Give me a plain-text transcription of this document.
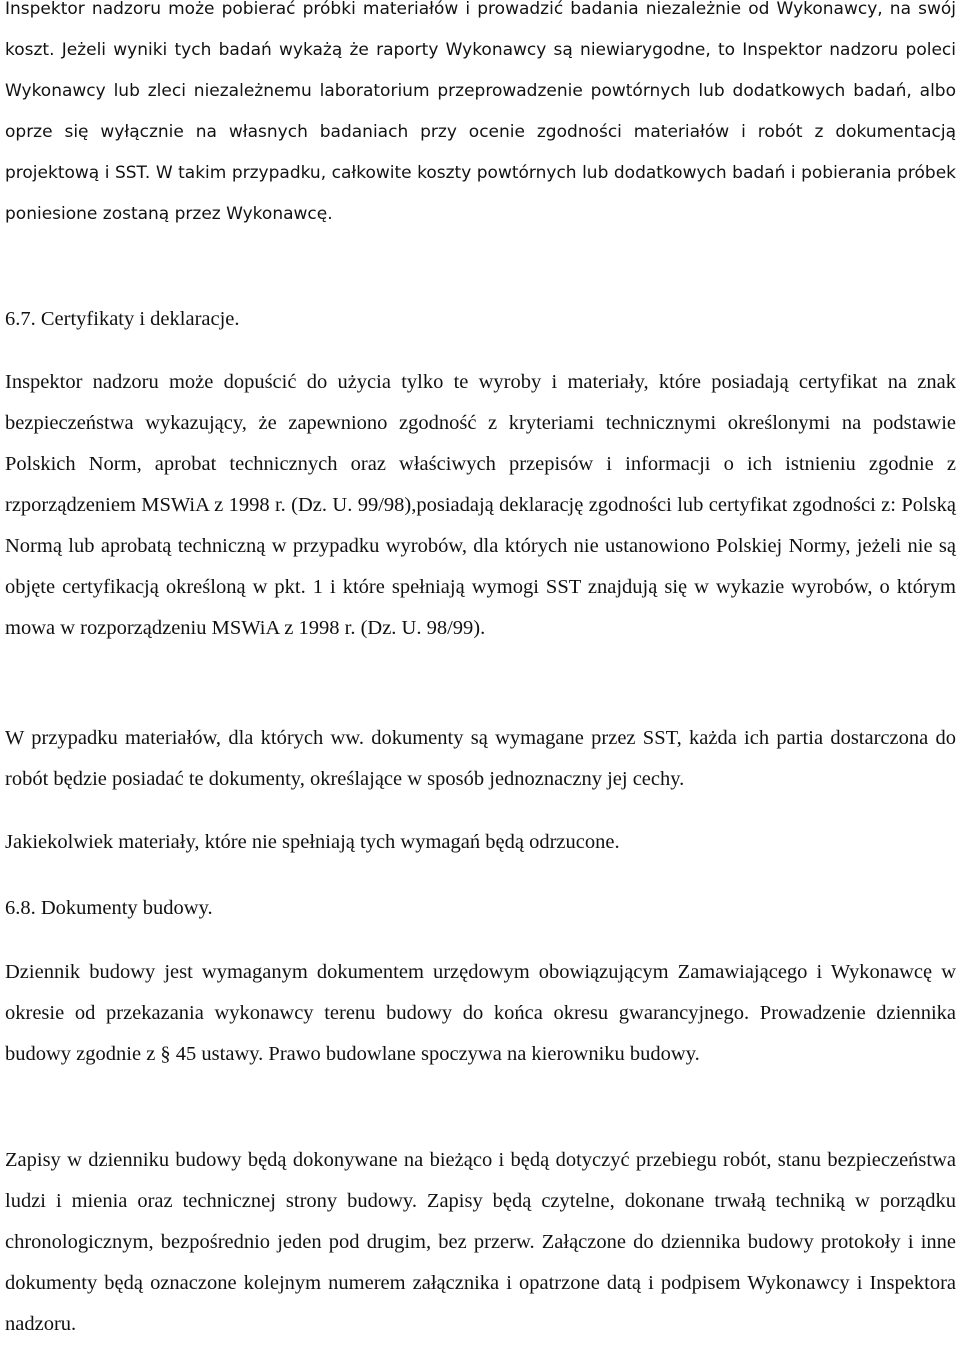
Inspektor nadzoru może pobierać próbki materiałów i prowadzić badania niezależnie od Wykonawcy, na swój koszt. Jeżeli wyniki tych badań wykażą że raporty Wykonawcy są niewiarygodne, to Inspektor nadzoru poleci Wykonawcy lub zleci niezależnemu laboratorium przeprowadzenie powtórnych lub dodatkowych badań, albo oprze się wyłącznie na własnych badaniach przy ocenie zgodności materiałów i robót z dokumentacją projektową i SST. W takim przypadku, całkowite koszty powtórnych lub dodatkowych badań i pobierania próbek poniesione zostaną przez Wykonawcę.

6.7. Certyfikaty i deklaracje.

Inspektor nadzoru może dopuścić do użycia tylko te wyroby i materiały, które posiadają certyfikat na znak bezpieczeństwa wykazujący, że zapewniono zgodność z kryteriami technicznymi określonymi na podstawie Polskich Norm, aprobat technicznych oraz właściwych przepisów i informacji o ich istnieniu zgodnie z rzporządzeniem MSWiA z 1998 r. (Dz. U. 99/98),posiadają deklarację zgodności lub certyfikat zgodności z: Polską Normą lub aprobatą techniczną w przypadku wyrobów, dla których nie ustanowiono Polskiej Normy, jeżeli nie są objęte certyfikacją określoną w pkt. 1 i które spełniają wymogi SST znajdują się w wykazie wyrobów, o którym mowa w rozporządzeniu MSWiA z 1998 r. (Dz. U. 98/99).

W przypadku materiałów, dla których ww. dokumenty są wymagane przez SST, każda ich partia dostarczona do robót będzie posiadać te dokumenty, określające w sposób jednoznaczny jej cechy.

Jakiekolwiek materiały, które nie spełniają tych wymagań będą odrzucone.

6.8. Dokumenty budowy.

Dziennik budowy jest wymaganym dokumentem urzędowym obowiązującym Zamawiającego i Wykonawcę w okresie od przekazania wykonawcy terenu budowy do końca okresu gwarancyjnego. Prowadzenie dziennika budowy zgodnie z § 45 ustawy. Prawo budowlane spoczywa na kierowniku budowy.

Zapisy w dzienniku budowy będą dokonywane na bieżąco i będą dotyczyć przebiegu robót, stanu bezpieczeństwa ludzi i mienia oraz technicznej strony budowy. Zapisy będą czytelne, dokonane trwałą techniką w porządku chronologicznym, bezpośrednio jeden pod drugim, bez przerw. Załączone do dziennika budowy protokoły i inne dokumenty będą oznaczone kolejnym numerem załącznika i opatrzone datą i podpisem Wykonawcy i Inspektora nadzoru.
